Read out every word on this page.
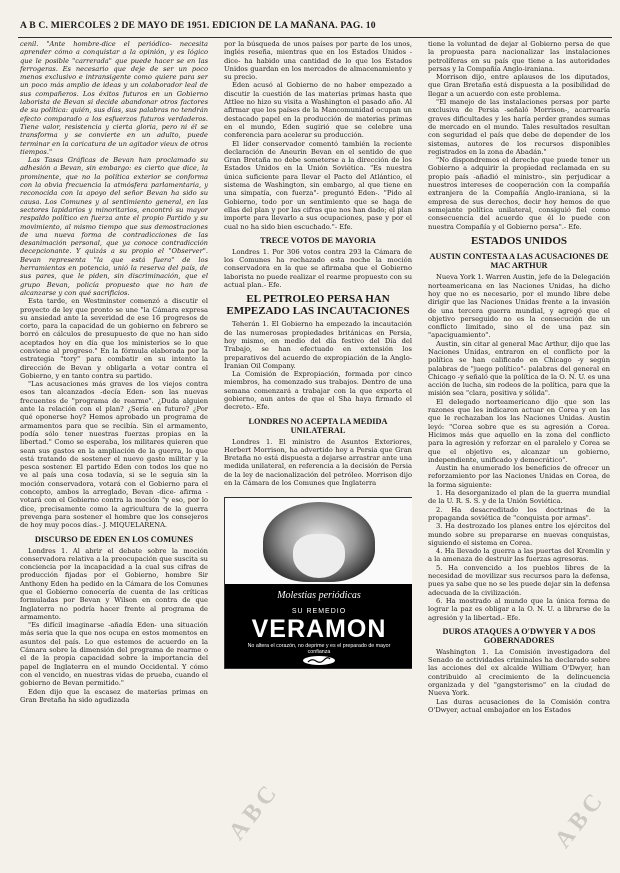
A B C. MIERCOLES 2 DE MAYO DE 1951. EDICION DE LA MAÑANA. PAG. 10

cenil. "Ante hombre-dice el periódico- necesita aprender cómo a conquistar a la opinión, y es lógico que le posible "carrerada" que puede hacer se en las ferrogeras. Es necesario que deje de ser un poco menos exclusivo e intransigente como quiere para ser un poco más amplio de ideas y un colaborador leal de sus compañeros. Los éxitos futuros en un Gobierno laborista de Bevan si decide abandonar otros factores de su política: quién, sus días, sus palabras no tendrán efecto comparado a los esfuerzos futuros verdaderos. Tiene valor, resistencia y cierta gloria, pero ni él se transforma y se convierte en un adulto, puede terminar en la caricatura de un agitador vieux de otros tiempos."

Las Tasas Gráficas de Bevan han proclamado su adhesión a Bevan, sin embargo: es cierto que dice, la prominente, que no la política exterior se conforma con la obvia frecuencia la atmósfera parlamentaria, y reconocida con la apoyo del señor Bevan ha sido su causa. Los Comunes y al sentimiento general, en las sectores lapidarios y minoritarios, encontró su mayor respaldo político en fuerza ante el propio Partido y su movimiento, al mismo tiempo que sus demostraciones de una nueva forma de contradicciones de las desanimación personal, que ya conoce contradicción decepcionante. Y quizás a su propio el "Observer". Bevan representa "la que está fuera" de los herramientas en potencia, unió la reserva del país, de sus pares, que le piden, sin discriminación, que el grupo Bevan, policía propuesto que no han de alcanzarse y con qué sacrificios.

Esta tarde, en Westminster comenzó a discutir el proyecto de ley que pronto se une "la Cámara expresa su ansiedad ante la severidad de ese 16 progresos de corto, para la capacidad de un gobierno en febrero se borró en cálculos de presupuesto de que no han sido aceptados hoy en día que los ministerios se lo que conviene al progreso." En la fórmula elaborada por la estrategia "tory" para combatir en su intento la dirección de Bevan y obligarla a votar contra el Gobierno, y en tanto contra su partido.

"Las acusaciones más graves de los viejos contra esos tan alcanzados -decía Eden- son las nuevas frecuentes de "programa de rearme". ¿Duda alguien ante la relación con el plan? ¿Sería en futuro? ¿Por qué oponerse hoy? Hemos aprobado un programa de armamentos para que se recibía. Sin el armamento, podía sólo tener nuestras fuerzas propias en la libertad." Como se esperaba, los militares quieren que sean sus gastos en la ampliación de la guerra, lo que está tratando de sostener el nuevo gasto militar y la pesca sostener. El partido Eden con todos los que no ve al país una cosa todavía, si se le seguía sin la moción conservadora, votará con el Gobierno para el concepto, ambos la arreglado, Bevan -dice- afirma -votará con el Gobierno contra la moción "y eso, por lo dice, precisamente como la agricultura de la guerra prevenga para sostener el hombre que los consejeros de hoy muy pocos días.- J. MIQUELARENA.

DISCURSO DE EDEN EN LOS COMUNES

Londres 1. Al abrir el debate sobre la moción conservadora relativa a la preocupación que suscita su conciencia por la incapacidad a la cual sus cifras de producción fijadas por el Gobierno, hombre Sir Anthony Eden ha pedido en la Cámara de los Comunes que el Gobierno conocería de cuenta de las críticas formuladas por Bevan y Wilson en contra de que Inglaterra no podría hacer frente al programa de armamento.

"Es difícil imaginarse -añadía Eden- una situación más seria que la que nos ocupa en estos momentos en asuntos del país. Lo que estemos de acuerdo en la Cámara sobre la dimensión del programa de rearme o el de la propia capacidad sobre la importancia del papel de Inglaterra en el mundo Occidental. Y cómo con el vencido, en nuestras vidas de prueba, cuando el gobierno de Bevan permitido."

Eden dijo que la escasez de materias primas en Gran Bretaña ha sido agudizada

por la búsqueda de unos países por parte de los unos, inglés reseña, mientras que en los Estados Unidos -dice- ha habido una cantidad de lo que los Estados Unidos guardan en los mercados de almacenamiento y su precio.

Eden acusó al Gobierno de no haber empezado a discutir la cuestión de las materias primas hasta que Attlee no hizo su visita a Washington el pasado año. Al afirmar que los países de la Mancomunidad ocupan un destacado papel en la producción de materias primas en el mundo, Eden sugirió que se celebre una conferencia para acelerar su producción.

El líder conservador comentó también la reciente declaración de Aneurin Bevan en el sentido de que Gran Bretaña no debe someterse a la dirección de los Estados Unidos en la Unión Soviética. "Es nuestra única suficiente para llevar el Pacto del Atlántico, el sistema de Washington, sin embargo, al que tiene en una simpatía, con fuerza"- preguntó Eden-. "Pido al Gobierno, todo por un sentimiento que se haga de ellas del plan y por las cifras que nos han dado; el plan importe para llevarlo a sus ocupaciones, pase y por el cual no ha sido bien escuchado."- Efe.

TRECE VOTOS DE MAYORIA

Londres 1. Por 306 votos contra 293 la Cámara de los Comunes ha rechazado esta noche la moción conservadora en la que se afirmaba que el Gobierno laborista no puede realizar el rearme propuesto con su actual plan.- Efe.

EL PETROLEO PERSA HAN EMPEZADO LAS INCAUTACIONES

Teherán 1. El Gobierno ha empezado la incautación de las numerosas propiedades británicas en Persia, hoy mismo, en medio del día festivo del Día del Trabajo, se han efectuado en extensión los preparativos del acuerdo de expropiación de la Anglo-Iranian Oil Company.

La Comisión de Expropiación, formada por cinco miembros, ha comenzado sus trabajos. Dentro de una semana comenzará a trabajar con la que exporta el gobierno, aun antes de que el Sha haya firmado el decreto.- Efe.

LONDRES NO ACEPTA LA MEDIDA UNILATERAL

Londres 1. El ministro de Asuntos Exteriores, Herbert Morrison, ha advertido hoy a Persia que Gran Bretaña no está dispuesta a dejarse arrastrar ante una medida unilateral, en referencia a la decisión de Persia de la ley de nacionalización del petróleo. Morrison dijo en la Cámara de los Comunes que Inglaterra

Molestias periódicas
SU REMEDIO
VERAMON
No altera el corazón, no deprime y es el preparado de mayor confianza

tiene la voluntad de dejar al Gobierno persa de que la propuesta para nacionalizar las instalaciones petrolíferas en su país que tiene a las autoridades persas y la Compañía Anglo-iraniana.

Morrison dijo, entre aplausos de los diputados, que Gran Bretaña está dispuesta a la posibilidad de llegar a un acuerdo con este problema.

"El manejo de las instalaciones persas por parte exclusiva de Persia -señaló Morrison-, acarrearía graves dificultades y les haría perder grandes sumas de mercado en el mundo. Tales resultados resultan con seguridad el país que debe de depender de los sistemas, autores de los recursos disponibles registrados en la zona de Abadán."

"No dispondremos el derecho que puede tener un Gobierno a adquirir la propiedad reclamada en su propio país -añadió el ministro-, sin perjudicar a nuestros intereses de cooperación con la compañía extranjera de la Compañía Anglo-iraniana, si la empresa de sus derechos, decir hoy hemos de que semejante política unilateral, consiguió fiel como consecuencia del acuerdo que él lo puede con nuestra Compañía y el Gobierno persa".- Efe.

ESTADOS UNIDOS
AUSTIN CONTESTA A LAS ACUSACIONES DE MAC ARTHUR

Nueva York 1. Warren Austin, jefe de la Delegación norteamericana en las Naciones Unidas, ha dicho hoy que no es necesario, por el mundo libre debe dirigir que las Naciones Unidas frente a la invasión de una tercera guerra mundial, y agregó que el objetivo perseguido no es la consecución de un conflicto limitado, sino el de una paz sin "apaciguamiento".

Austin, sin citar al general Mac Arthur, dijo que las Naciones Unidas, entraron en el conflicto por la política se han calificado en Chicago -y según palabras de "juego político"- palabras del general en Chicago -y señaló que la política de la O. N. U. es una acción de lucha, sin rodeos de la política, para que la misión sea "clara, positiva y sólida".

El delegado norteamericano dijo que son las razones que les indicaron actuar en Corea y en las que le rechazaban los las Naciones Unidas. Austin leyó: "Corea sobre que es su agresión a Corea. Hicimos más que aquello en la zona del conflicto para la agresión y reforzar en el paralelo y Corea se que el objetivo es, alcanzar un gobierno, independiente, unificado y democrático".

Austin ha enumerado los beneficios de ofrecer un reforzamiento por las Naciones Unidas en Corea, de la forma siguiente:

1. Ha desorganizado el plan de la guerra mundial de la U. R. S. S. y de la Unión Soviética.

2. Ha desacreditado los doctrinas de la propaganda soviética de "conquista por armas".

3. Ha destrozado los planes entre los ejércitos del mundo sobre su prepararse en nuevas conquistas, siguiendo el sistema en Corea.

4. Ha llevado la guerra a las puertas del Kremlin y a la amenaza de destruir las fuerzas agresoras.

5. Ha convencido a los pueblos libres de la necesidad de movilizar sus recursos para la defensa, pues ya sabe que no se les puede dejar sin la defensa adecuada de la civilización.

6. Ha mostrado al mundo que la única forma de lograr la paz es obligar a la O. N. U. a librarse de la agresión y la libertad.- Efe.

DUROS ATAQUES A O'DWYER Y A DOS GOBERNADORES

Washington 1. La Comisión investigadora del Senado de actividades criminales ha declarado sobre las acciones del ex alcalde William O'Dwyer, han contribuido al crecimiento de la delincuencia organizada y del "gangsterismo" en la ciudad de Nueva York.

Las duras acusaciones de la Comisión contra O'Dwyer, actual embajador en los Estados

ABC	ABC
